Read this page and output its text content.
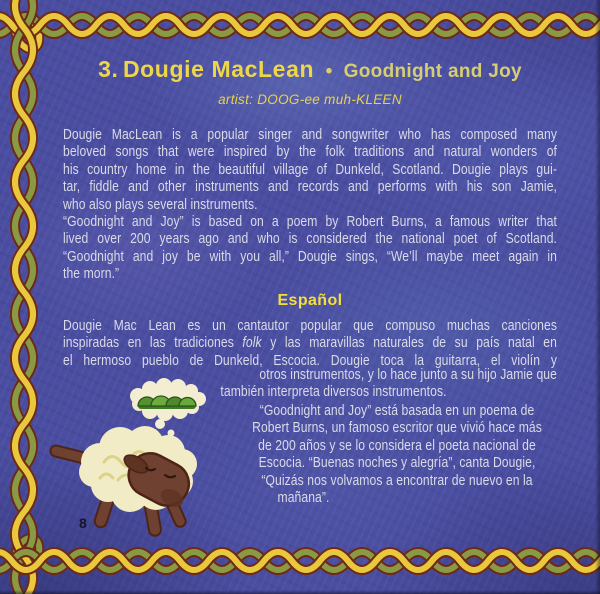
3. Dougie MacLean • Goodnight and Joy
artist: DOOG-ee muh-KLEEN
Dougie MacLean is a popular singer and songwriter who has composed many
beloved songs that were inspired by the folk traditions and natural wonders of
his country home in the beautiful village of Dunkeld, Scotland. Dougie plays gui-
tar, fiddle and other instruments and records and performs with his son Jamie,
who also plays several instruments.
“Goodnight and Joy” is based on a poem by Robert Burns, a famous writer that
lived over 200 years ago and who is considered the national poet of Scotland.
“Goodnight and joy be with you all,” Dougie sings, “We’ll maybe meet again in
the morn.”
Español
Dougie Mac Lean es un cantautor popular que compuso muchas canciones
inspiradas en las tradiciones folk y las maravillas naturales de su país natal en
el hermoso pueblo de Dunkeld, Escocia. Dougie toca la guitarra, el violín y
otros instrumentos, y lo hace junto a su hijo Jamie que
también interpreta diversos instrumentos.
“Goodnight and Joy” está basada en un poema de
Robert Burns, un famoso escritor que vivió hace más
de 200 años y se lo considera el poeta nacional de
Escocia. “Buenas noches y alegría”, canta Dougie,
“Quizás nos volvamos a encontrar de nuevo en la
mañana”.
8
